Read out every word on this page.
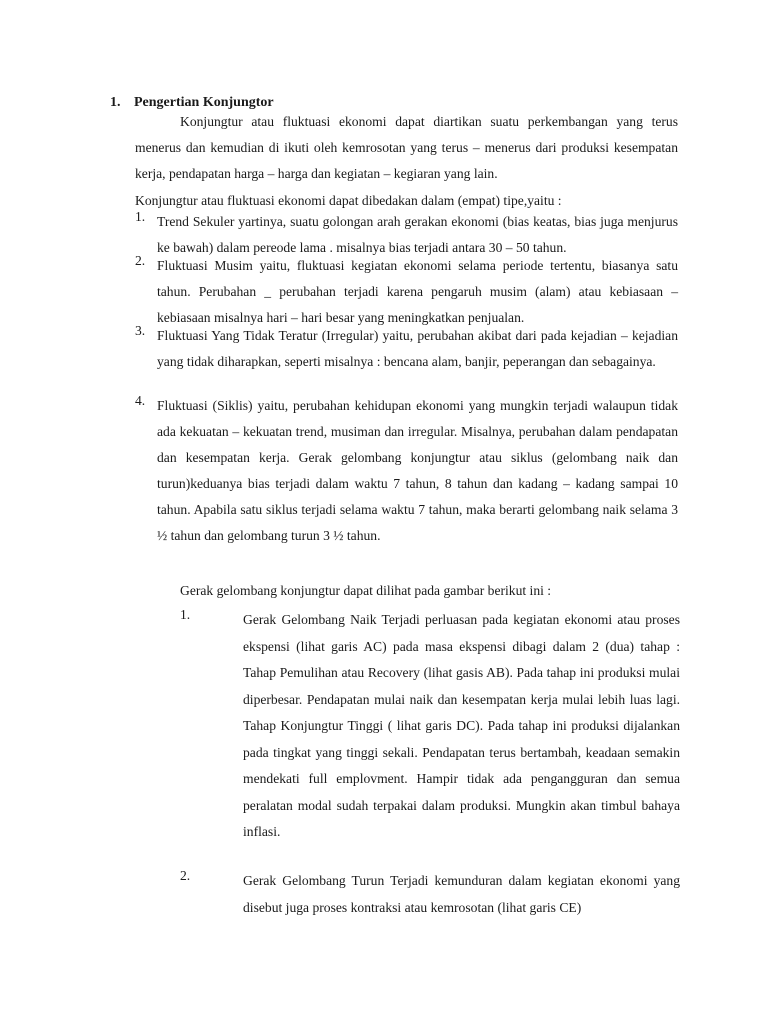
1. Pengertian Konjungtor
Konjungtur atau fluktuasi ekonomi dapat diartikan suatu perkembangan yang terus menerus dan kemudian di ikuti oleh kemrosotan yang terus – menerus dari produksi kesempatan kerja, pendapatan harga – harga dan kegiatan – kegiaran yang lain.
Konjungtur atau fluktuasi ekonomi dapat dibedakan dalam (empat) tipe,yaitu :
1. Trend Sekuler yartinya, suatu golongan arah gerakan ekonomi (bias keatas, bias juga menjurus ke bawah) dalam pereode lama . misalnya bias terjadi antara 30 – 50 tahun.
2. Fluktuasi Musim yaitu, fluktuasi kegiatan ekonomi selama periode tertentu, biasanya satu tahun. Perubahan _ perubahan terjadi karena pengaruh musim (alam) atau kebiasaan – kebiasaan misalnya hari – hari besar yang meningkatkan penjualan.
3. Fluktuasi Yang Tidak Teratur (Irregular) yaitu, perubahan akibat dari pada kejadian – kejadian yang tidak diharapkan, seperti misalnya : bencana alam, banjir, peperangan dan sebagainya.
4. Fluktuasi (Siklis) yaitu, perubahan kehidupan ekonomi yang mungkin terjadi walaupun tidak ada kekuatan – kekuatan trend, musiman dan irregular. Misalnya, perubahan dalam pendapatan dan kesempatan kerja. Gerak gelombang konjungtur atau siklus (gelombang naik dan turun)keduanya bias terjadi dalam waktu 7 tahun, 8 tahun dan kadang – kadang sampai 10 tahun. Apabila satu siklus terjadi selama waktu 7 tahun, maka berarti gelombang naik selama 3 ½ tahun dan gelombang turun 3 ½ tahun.
Gerak gelombang konjungtur dapat dilihat pada gambar berikut ini :
1.	Gerak Gelombang Naik Terjadi perluasan pada kegiatan ekonomi atau proses ekspensi (lihat garis AC) pada masa ekspensi dibagi dalam 2 (dua) tahap : Tahap Pemulihan atau Recovery (lihat gasis AB). Pada tahap ini produksi mulai diperbesar. Pendapatan mulai naik dan kesempatan kerja mulai lebih luas lagi. Tahap Konjungtur Tinggi ( lihat garis DC). Pada tahap ini produksi dijalankan pada tingkat yang tinggi sekali. Pendapatan terus bertambah, keadaan semakin mendekati full emplovment. Hampir tidak ada pengangguran dan semua peralatan modal sudah terpakai dalam produksi. Mungkin akan timbul bahaya inflasi.
2.	Gerak Gelombang Turun Terjadi kemunduran dalam kegiatan ekonomi yang disebut juga proses kontraksi atau kemrosotan (lihat garis CE)
